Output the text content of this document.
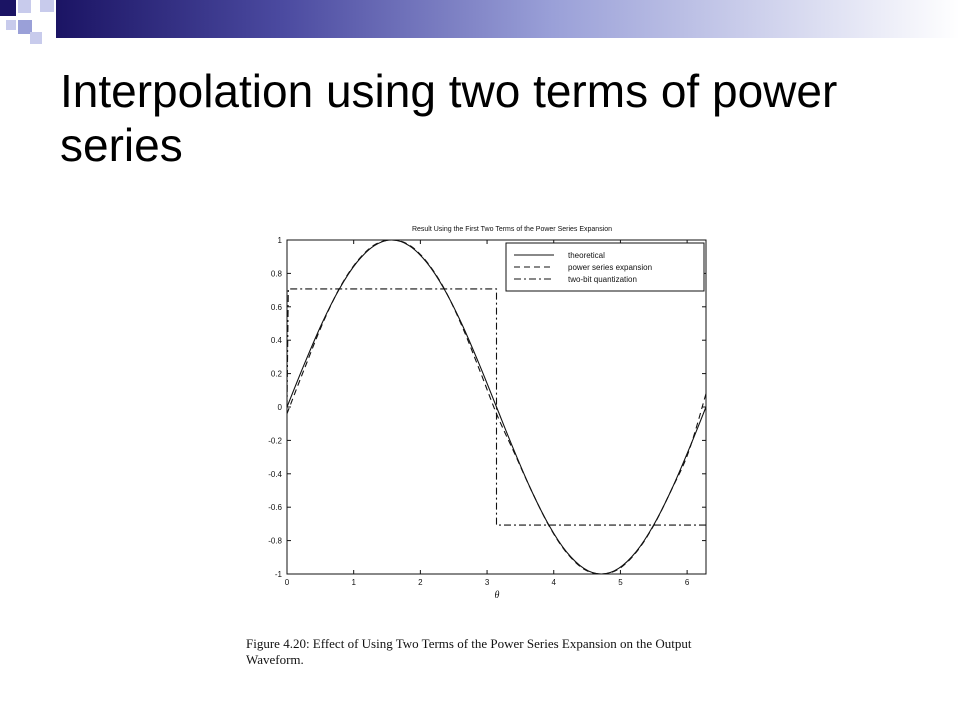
Interpolation using two terms of power series
Result Using the First Two Terms of the Power Series Expansion
1
0.8
0.6
0.4
0.2
0
-0.2
-0.4
-0.6
-0.8
-1
0	1	2	3	4	5	6
θ
theoretical
power series expansion
two-bit quantization
Figure 4.20: Effect of Using Two Terms of the Power Series Expansion on the Output Waveform.
